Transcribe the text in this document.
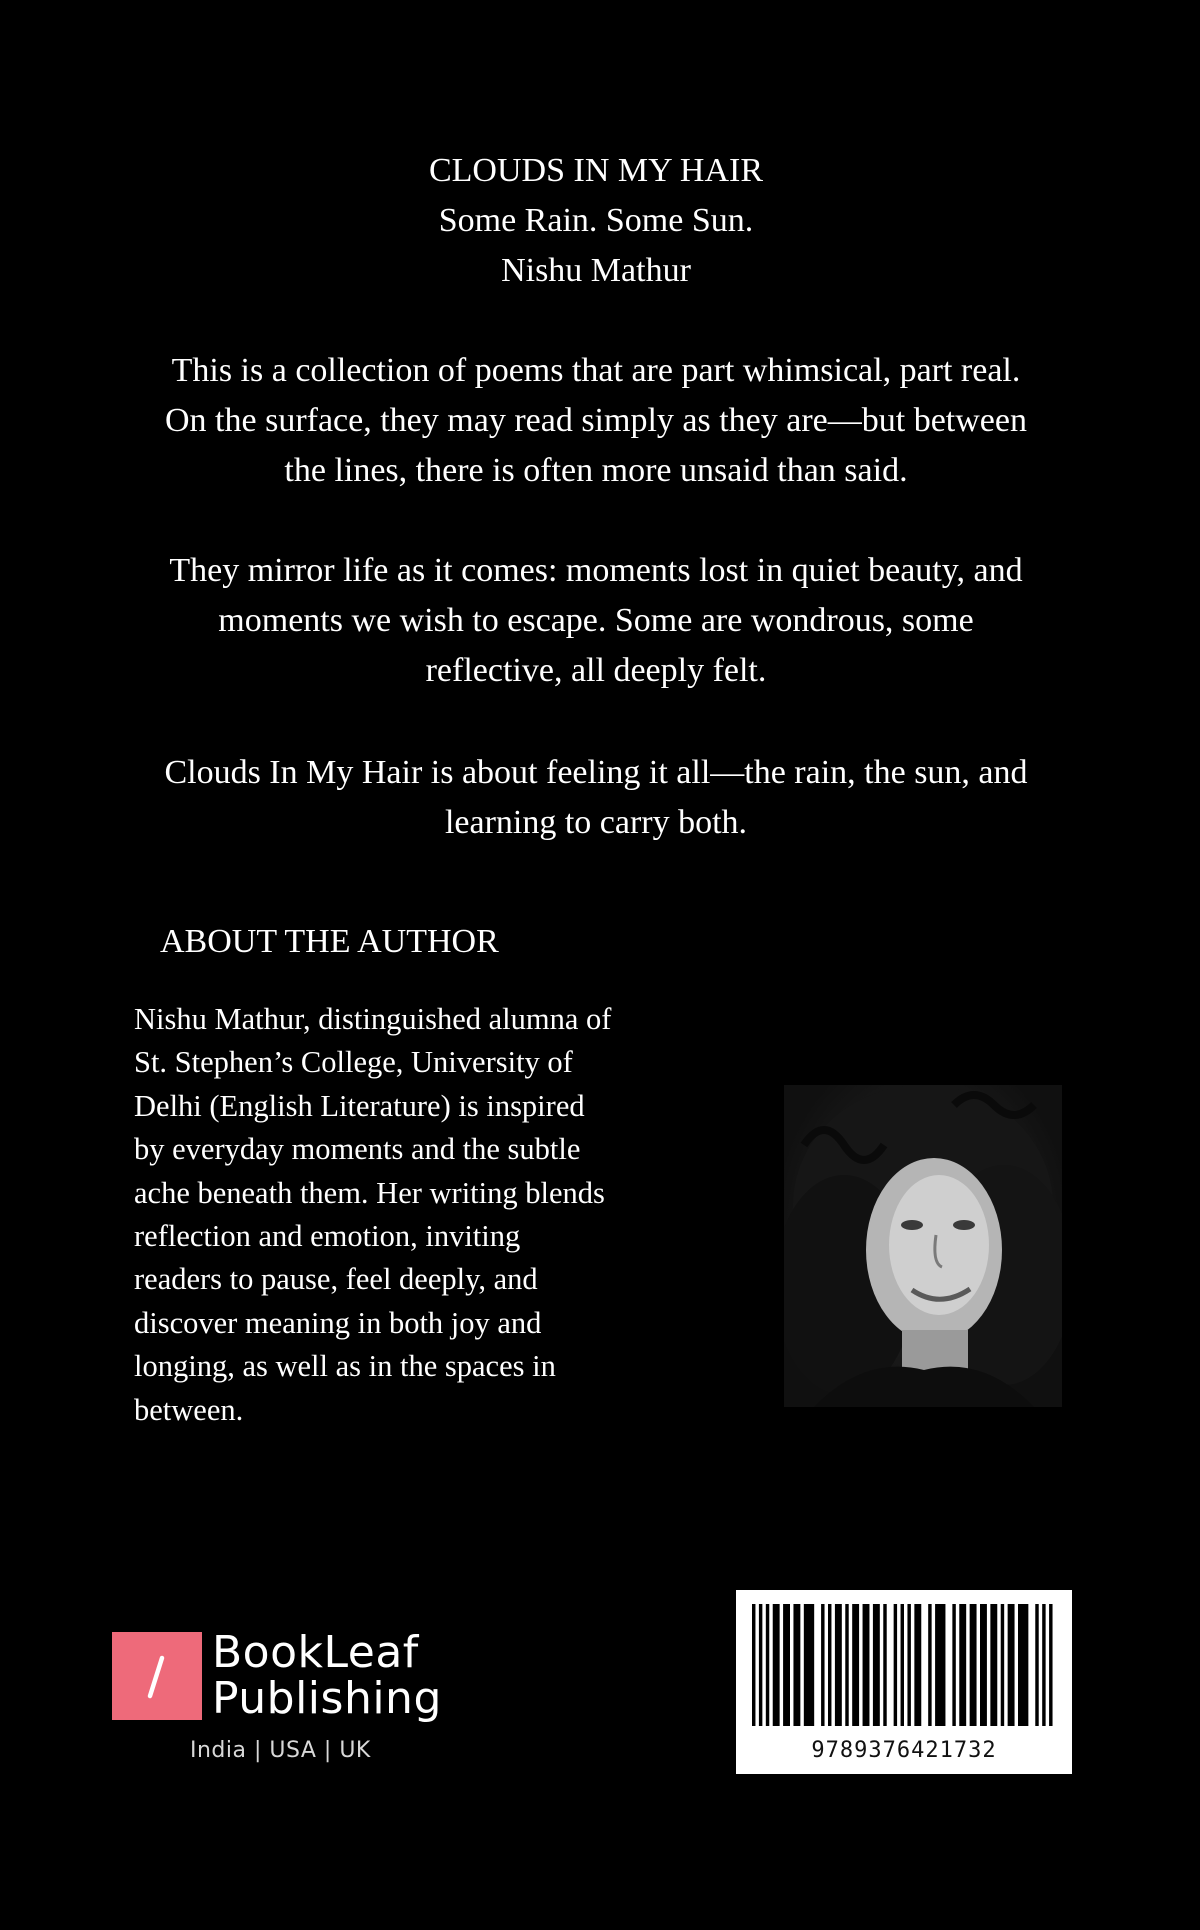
CLOUDS IN MY HAIR

Some Rain. Some Sun.

Nishu Mathur

This is a collection of poems that are part whimsical, part real. On the surface, they may read simply as they are—but between the lines, there is often more unsaid than said.

They mirror life as it comes: moments lost in quiet beauty, and moments we wish to escape. Some are wondrous, some reflective, all deeply felt.

Clouds In My Hair is about feeling it all—the rain, the sun, and learning to carry both.

ABOUT THE AUTHOR

Nishu Mathur, distinguished alumna of St. Stephen’s College, University of Delhi (English Literature) is inspired by everyday moments and the subtle ache beneath them. Her writing blends reflection and emotion, inviting readers to pause, feel deeply, and discover meaning in both joy and longing, as well as in the spaces in between.

BookLeaf
Publishing
India | USA | UK	9789376421732
